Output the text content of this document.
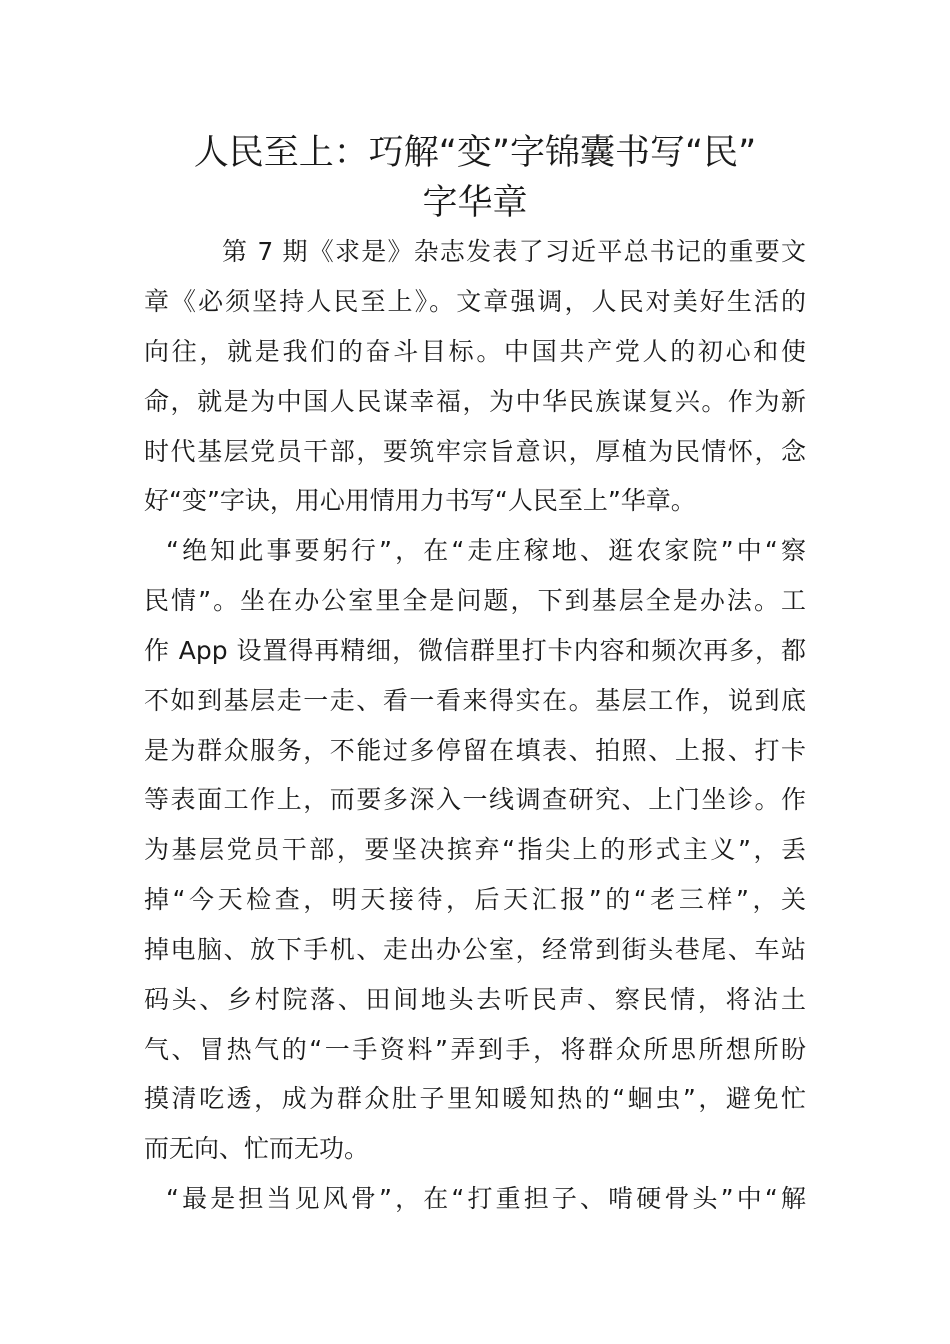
人民至上：巧解“变”字锦囊书写“民”
字华章
第 7 期《求是》杂志发表了习近平总书记的重要文
章《必须坚持人民至上》。文章强调，人民对美好生活的
向往，就是我们的奋斗目标。中国共产党人的初心和使
命，就是为中国人民谋幸福，为中华民族谋复兴。作为新
时代基层党员干部，要筑牢宗旨意识，厚植为民情怀，念
好“变”字诀，用心用情用力书写“人民至上”华章。
“绝知此事要躬行”，在“走庄稼地、逛农家院”中“察
民情”。坐在办公室里全是问题，下到基层全是办法。工
作 App 设置得再精细，微信群里打卡内容和频次再多，都
不如到基层走一走、看一看来得实在。基层工作，说到底
是为群众服务，不能过多停留在填表、拍照、上报、打卡
等表面工作上，而要多深入一线调查研究、上门坐诊。作
为基层党员干部，要坚决摈弃“指尖上的形式主义”，丢
掉“今天检查，明天接待，后天汇报”的“老三样”，关
掉电脑、放下手机、走出办公室，经常到街头巷尾、车站
码头、乡村院落、田间地头去听民声、察民情，将沾土
气、冒热气的“一手资料”弄到手，将群众所思所想所盼
摸清吃透，成为群众肚子里知暖知热的“蛔虫”，避免忙
而无向、忙而无功。
“最是担当见风骨”，在“打重担子、啃硬骨头”中“解
